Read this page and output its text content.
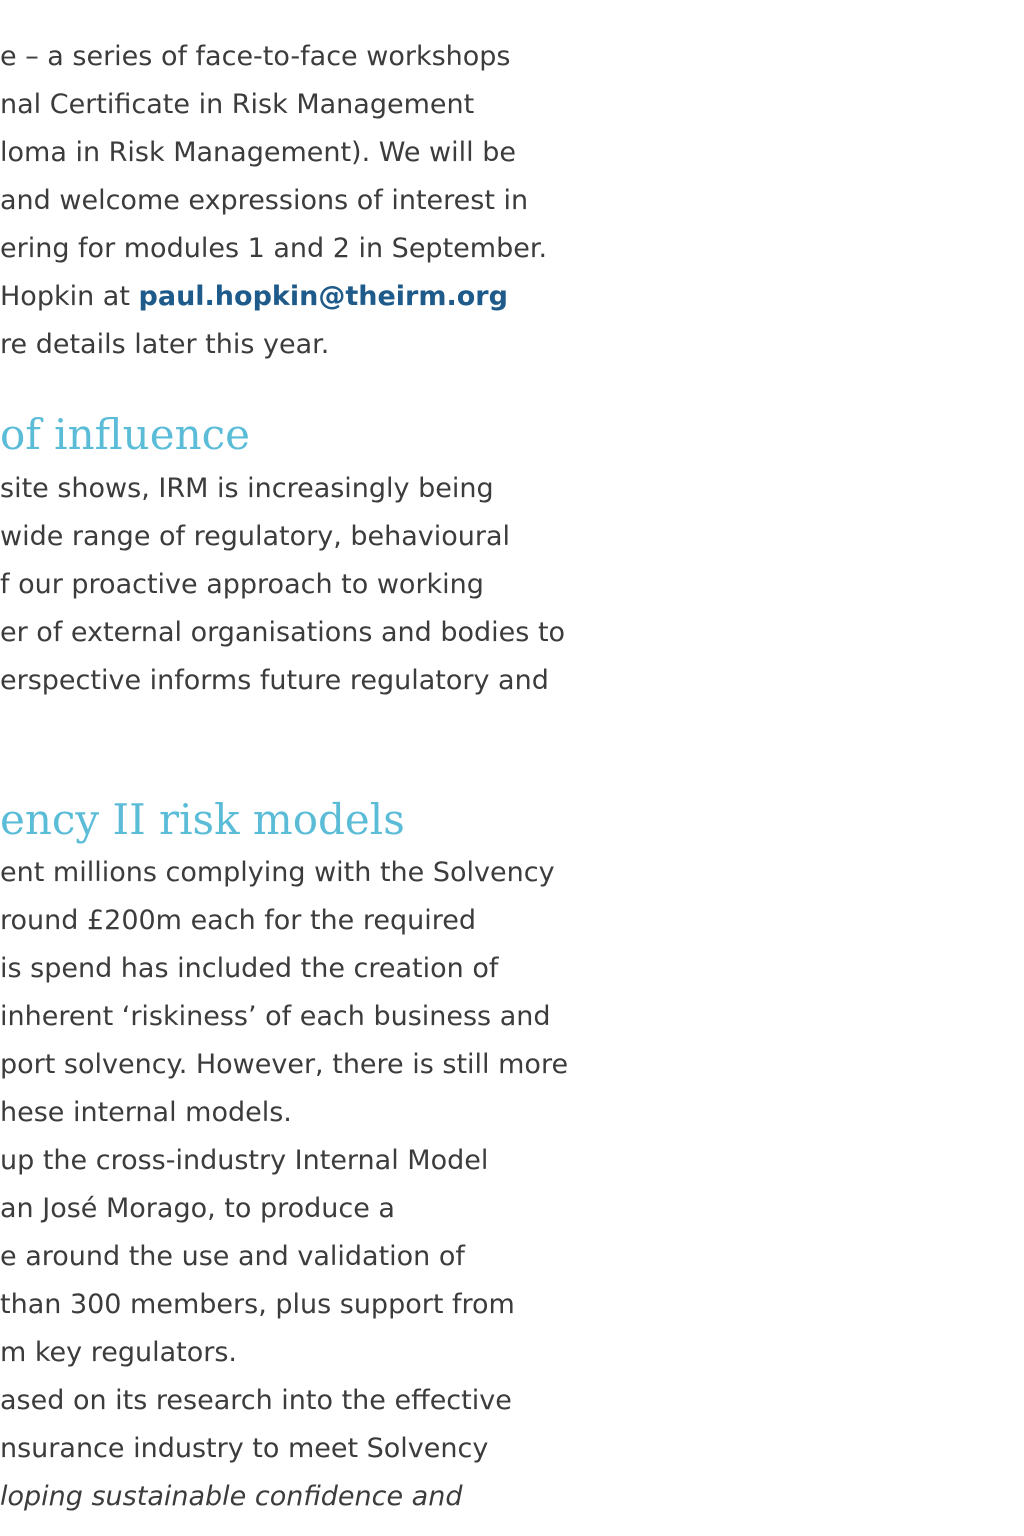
e – a series of face-to-face workshops

nal Certificate in Risk Management

loma in Risk Management). We will be

and welcome expressions of interest in

ering for modules 1 and 2 in September.

Hopkin at paul.hopkin@theirm.org

re details later this year.

of influence

site shows, IRM is increasingly being

wide range of regulatory, behavioural

f our proactive approach to working

er of external organisations and bodies to

erspective informs future regulatory and

ency II risk models

ent millions complying with the Solvency

round £200m each for the required

is spend has included the creation of

inherent ‘riskiness’ of each business and

port solvency. However, there is still more

hese internal models.

up the cross-industry Internal Model

an José Morago, to produce a

e around the use and validation of

than 300 members, plus support from

m key regulators.

ased on its research into the effective

nsurance industry to meet Solvency

loping sustainable confidence and
